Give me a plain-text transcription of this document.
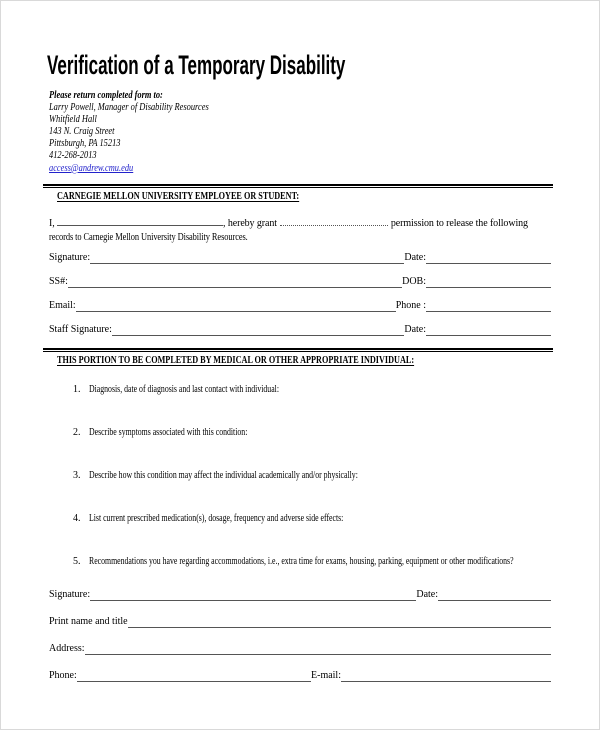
Verification of a Temporary Disability
Please return completed form to:
Larry Powell, Manager of Disability Resources
Whitfield Hall
143 N. Craig Street
Pittsburgh, PA 15213
412-268-2013
access@andrew.cmu.edu
CARNEGIE MELLON UNIVERSITY EMPLOYEE OR STUDENT:

I,	, hereby grant	permission to release the following
records to Carnegie Mellon University Disability Resources.

Signature:	Date:
SS#:	DOB:
Email:	Phone :
Staff Signature:	Date:
THIS PORTION TO BE COMPLETED BY MEDICAL OR OTHER APPROPRIATE INDIVIDUAL:
1. Diagnosis, date of diagnosis and last contact with individual:
2. Describe symptoms associated with this condition:
3. Describe how this condition may affect the individual academically and/or physically:
4. List current prescribed medication(s), dosage, frequency and adverse side effects:
5. Recommendations you have regarding accommodations, i.e., extra time for exams, housing, parking, equipment or other modifications?
Signature:	Date:
Print name and title
Address:
Phone:	E-mail:
